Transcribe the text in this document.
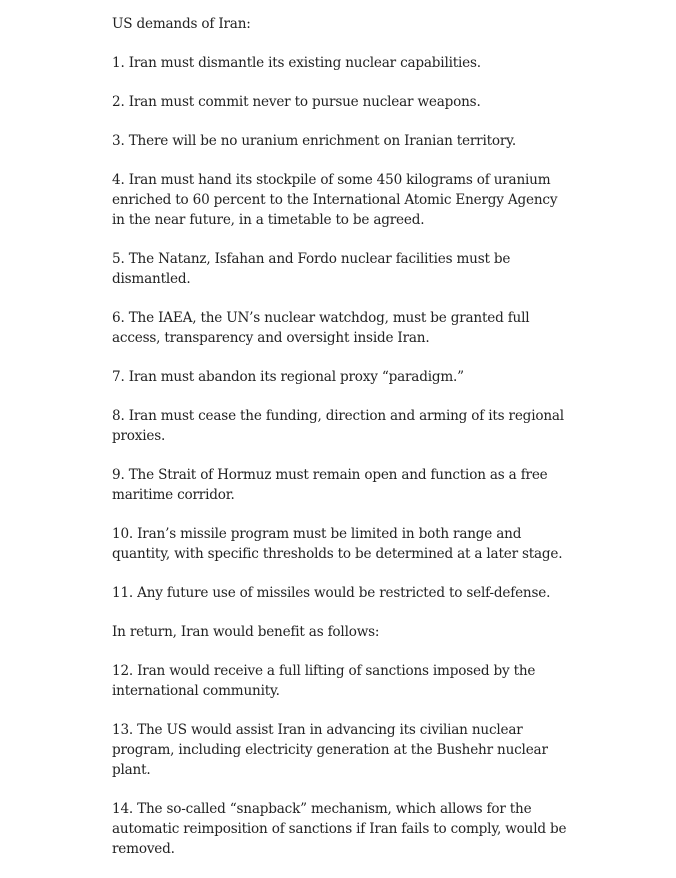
US demands of Iran:

1. Iran must dismantle its existing nuclear capabilities.

2. Iran must commit never to pursue nuclear weapons.

3. There will be no uranium enrichment on Iranian territory.

4. Iran must hand its stockpile of some 450 kilograms of uranium enriched to 60 percent to the International Atomic Energy Agency in the near future, in a timetable to be agreed.

5. The Natanz, Isfahan and Fordo nuclear facilities must be dismantled.

6. The IAEA, the UN’s nuclear watchdog, must be granted full access, transparency and oversight inside Iran.

7. Iran must abandon its regional proxy “paradigm.”

8. Iran must cease the funding, direction and arming of its regional proxies.

9. The Strait of Hormuz must remain open and function as a free maritime corridor.

10. Iran’s missile program must be limited in both range and quantity, with specific thresholds to be determined at a later stage.

11. Any future use of missiles would be restricted to self-defense.

In return, Iran would benefit as follows:

12. Iran would receive a full lifting of sanctions imposed by the international community.

13. The US would assist Iran in advancing its civilian nuclear program, including electricity generation at the Bushehr nuclear plant.

14. The so-called “snapback” mechanism, which allows for the automatic reimposition of sanctions if Iran fails to comply, would be removed.
